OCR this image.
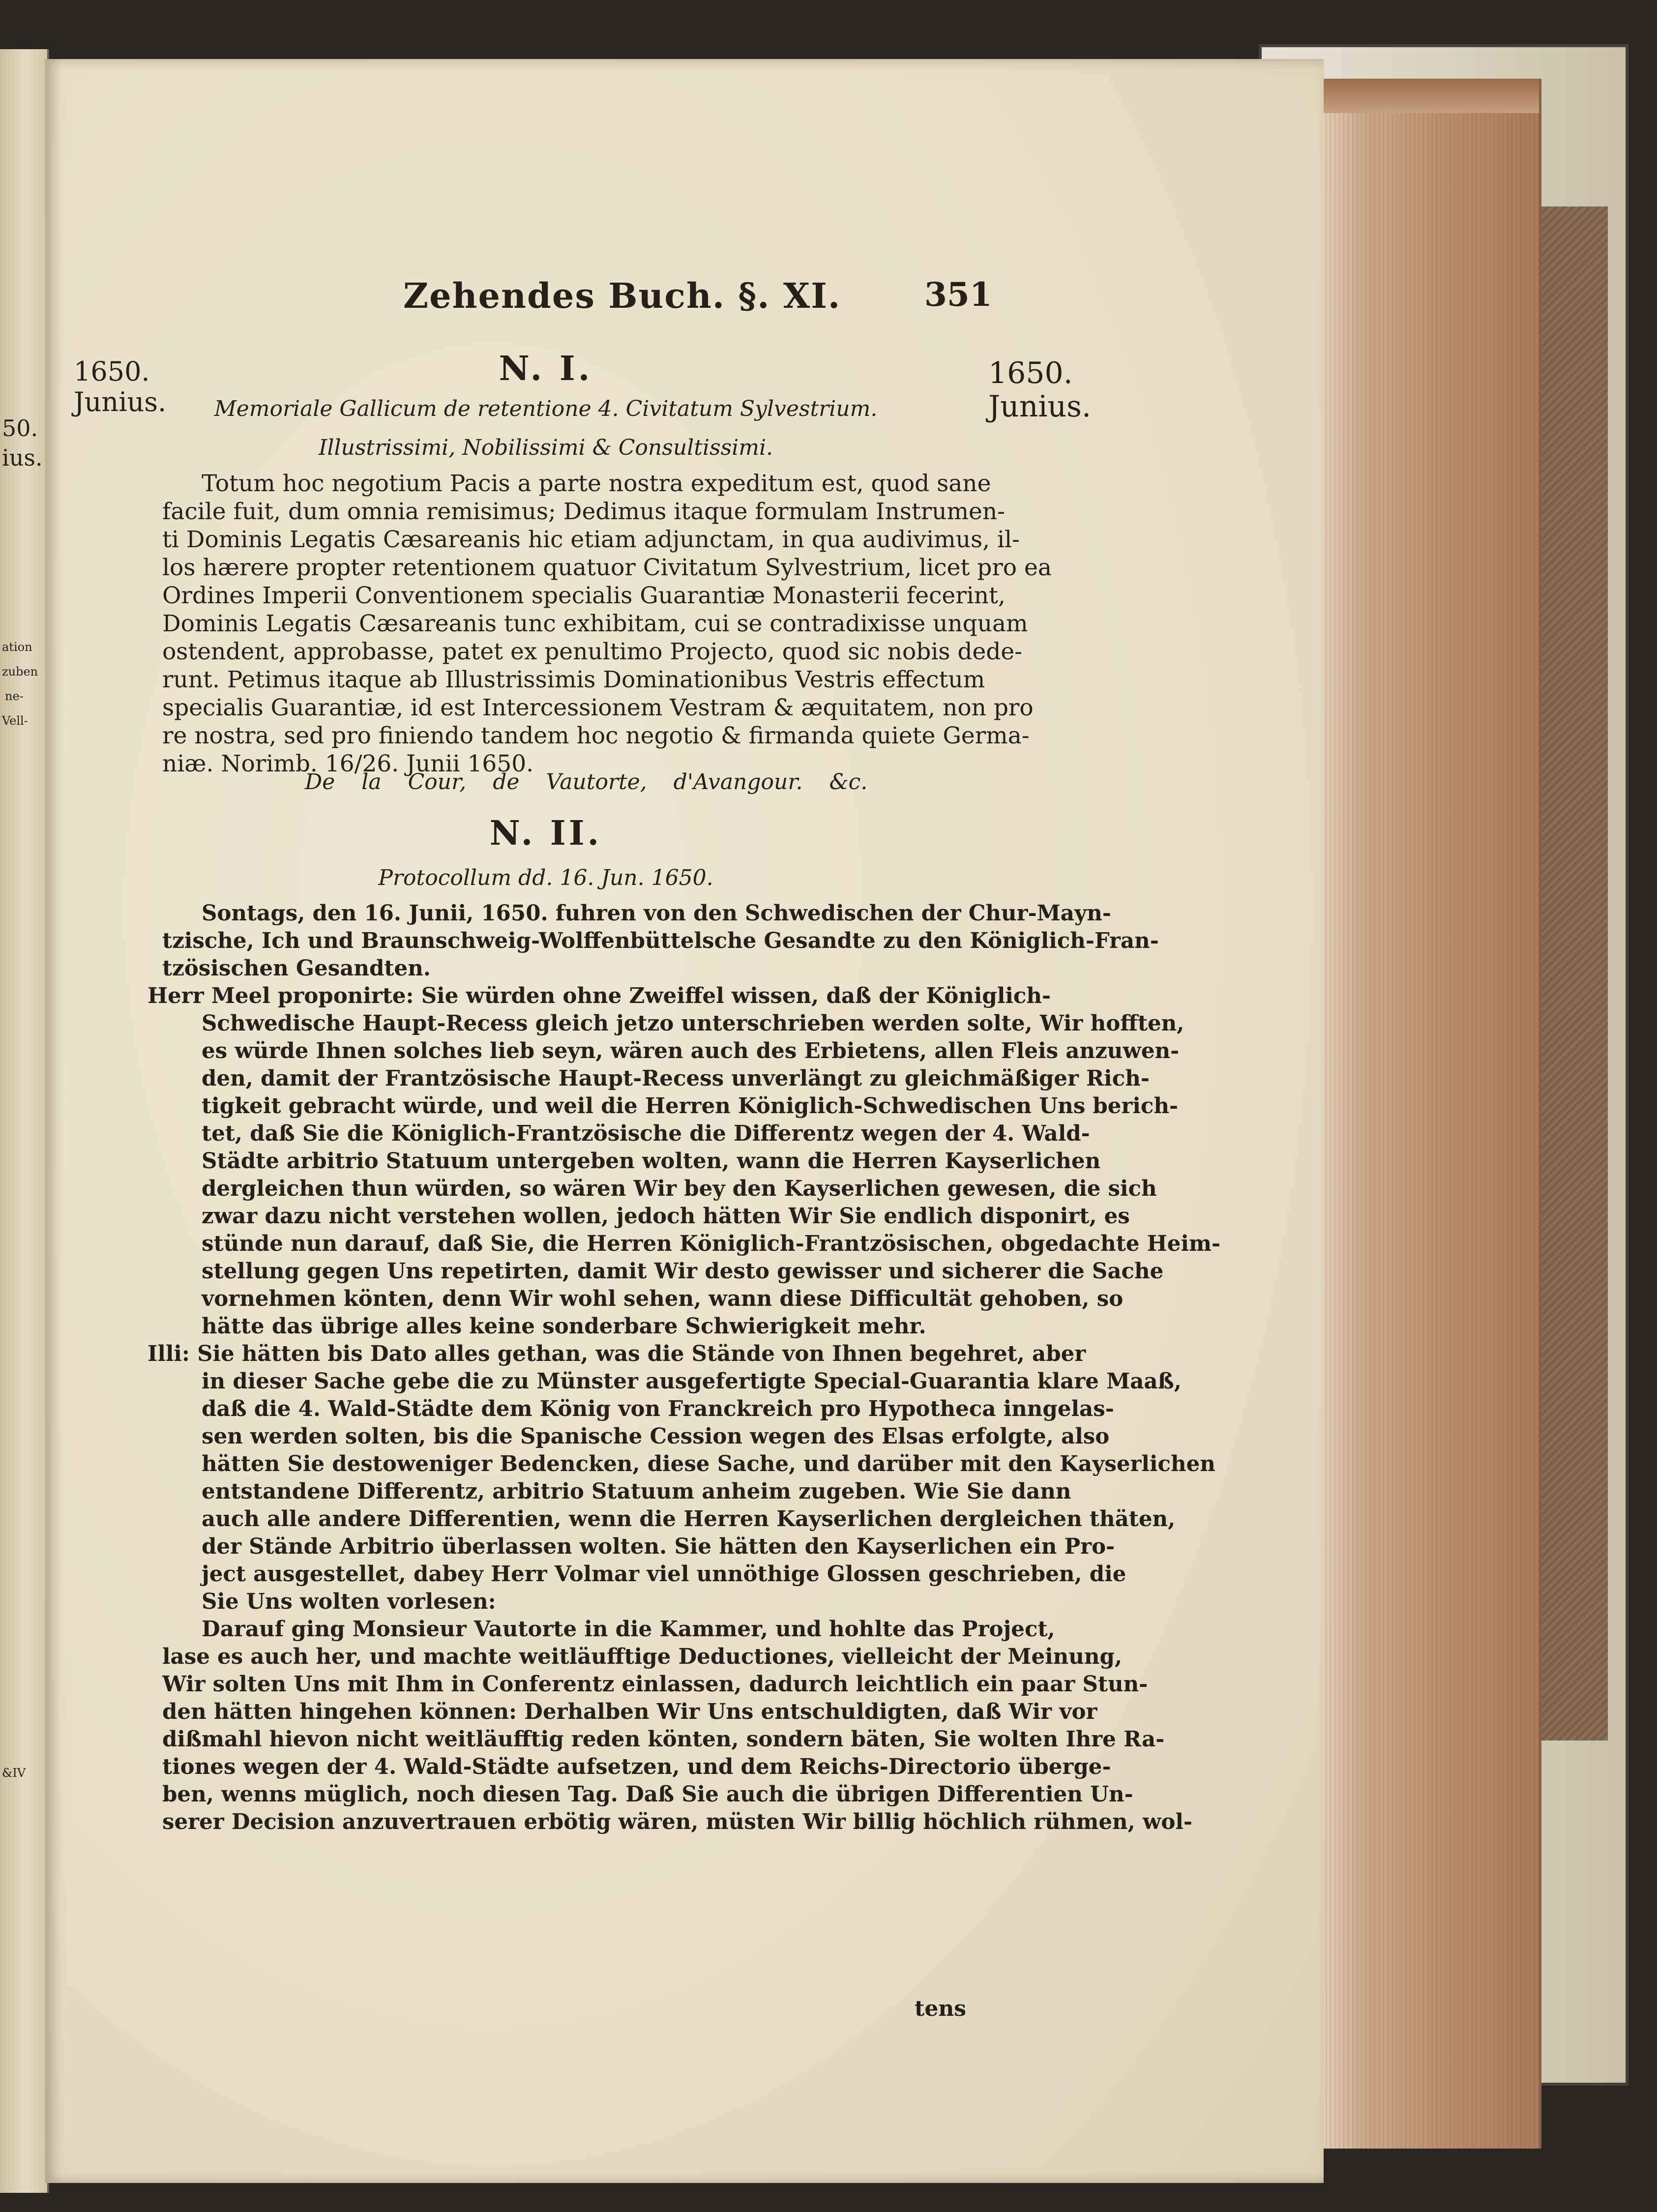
50.
ius.
ation
zuben
ne-
Vell-
&IV
Zehendes Buch. §. XI.	351
1650.
Junius.
1650.
Junius.
N. I.
Memoriale Gallicum de retentione 4. Civitatum Sylvestrium.
Illustrissimi, Nobilissimi & Consultissimi.

Totum hoc negotium Pacis a parte nostra expeditum est, quod sane

facile fuit, dum omnia remisimus; Dedimus itaque formulam Instrumen-

ti Dominis Legatis Cæsareanis hic etiam adjunctam, in qua audivimus, il-

los hærere propter retentionem quatuor Civitatum Sylvestrium, licet pro ea

Ordines Imperii Conventionem specialis Guarantiæ Monasterii fecerint,

Dominis Legatis Cæsareanis tunc exhibitam, cui se contradixisse unquam

ostendent, approbasse, patet ex penultimo Projecto, quod sic nobis dede-

runt. Petimus itaque ab Illustrissimis Dominationibus Vestris effectum

specialis Guarantiæ, id est Intercessionem Vestram & æquitatem, non pro

re nostra, sed pro finiendo tandem hoc negotio & firmanda quiete Germa-

niæ. Norimb. 16/26. Junii 1650.

De la Cour, de Vautorte, d'Avangour. &c.
N. II.
Protocollum dd. 16. Jun. 1650.

Sontags, den 16. Junii, 1650. fuhren von den Schwedischen der Chur-Mayn-

tzische, Ich und Braunschweig-Wolffenbüttelsche Gesandte zu den Königlich-Fran-

tzösischen Gesandten.

Herr Meel proponirte: Sie würden ohne Zweiffel wissen, daß der Königlich-

Schwedische Haupt-Recess gleich jetzo unterschrieben werden solte, Wir hofften,

es würde Ihnen solches lieb seyn, wären auch des Erbietens, allen Fleis anzuwen-

den, damit der Frantzösische Haupt-Recess unverlängt zu gleichmäßiger Rich-

tigkeit gebracht würde, und weil die Herren Königlich-Schwedischen Uns berich-

tet, daß Sie die Königlich-Frantzösische die Differentz wegen der 4. Wald-

Städte arbitrio Statuum untergeben wolten, wann die Herren Kayserlichen

dergleichen thun würden, so wären Wir bey den Kayserlichen gewesen, die sich

zwar dazu nicht verstehen wollen, jedoch hätten Wir Sie endlich disponirt, es

stünde nun darauf, daß Sie, die Herren Königlich-Frantzösischen, obgedachte Heim-

stellung gegen Uns repetirten, damit Wir desto gewisser und sicherer die Sache

vornehmen könten, denn Wir wohl sehen, wann diese Difficultät gehoben, so

hätte das übrige alles keine sonderbare Schwierigkeit mehr.

Illi: Sie hätten bis Dato alles gethan, was die Stände von Ihnen begehret, aber

in dieser Sache gebe die zu Münster ausgefertigte Special-Guarantia klare Maaß,

daß die 4. Wald-Städte dem König von Franckreich pro Hypotheca inngelas-

sen werden solten, bis die Spanische Cession wegen des Elsas erfolgte, also

hätten Sie destoweniger Bedencken, diese Sache, und darüber mit den Kayserlichen

entstandene Differentz, arbitrio Statuum anheim zugeben. Wie Sie dann

auch alle andere Differentien, wenn die Herren Kayserlichen dergleichen thäten,

der Stände Arbitrio überlassen wolten. Sie hätten den Kayserlichen ein Pro-

ject ausgestellet, dabey Herr Volmar viel unnöthige Glossen geschrieben, die

Sie Uns wolten vorlesen:

Darauf ging Monsieur Vautorte in die Kammer, und hohlte das Project,

lase es auch her, und machte weitläufftige Deductiones, vielleicht der Meinung,

Wir solten Uns mit Ihm in Conferentz einlassen, dadurch leichtlich ein paar Stun-

den hätten hingehen können: Derhalben Wir Uns entschuldigten, daß Wir vor

dißmahl hievon nicht weitläufftig reden könten, sondern bäten, Sie wolten Ihre Ra-

tiones wegen der 4. Wald-Städte aufsetzen, und dem Reichs-Directorio überge-

ben, wenns müglich, noch diesen Tag. Daß Sie auch die übrigen Differentien Un-

serer Decision anzuvertrauen erbötig wären, müsten Wir billig höchlich rühmen, wol-

tens
